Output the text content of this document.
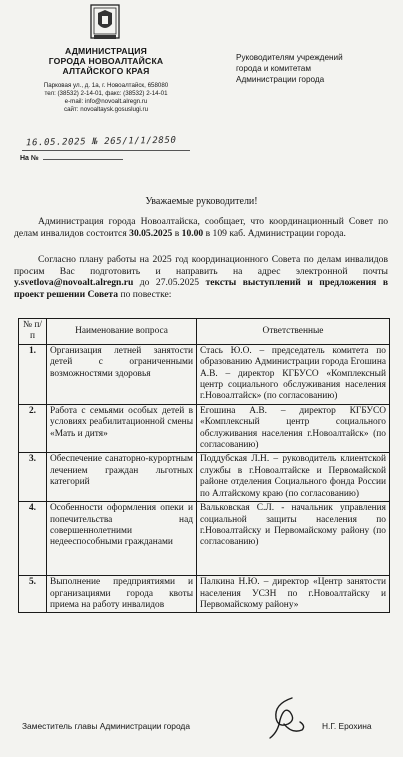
АДМИНИСТРАЦИЯ
ГОРОДА НОВОАЛТАЙСКА
АЛТАЙСКОГО КРАЯ
Парковая ул., д. 1а, г. Новоалтайск, 658080
тел: (38532) 2-14-01, факс: (38532) 2-14-01
e-mail: info@novoalt.alregn.ru
сайт: novoaltaysk.gosuslugi.ru
Руководителям учреждений
города и комитетам
Администрации города
16.05.2025 № 265/1/1/2850
На №
Уважаемые руководители!
Администрация города Новоалтайска, сообщает, что координационный Совет по делам инвалидов состоится 30.05.2025 в 10.00 в 109 каб. Администрации города.
Согласно плану работы на 2025 год координационного Совета по делам инвалидов просим Вас подготовить и направить на адрес электронной почты y.svetlova@novoalt.alregn.ru до 27.05.2025 тексты выступлений и предложения в проект решении Совета по повестке:
№ п/п	Наименование вопроса	Ответственные
1.	Организация летней занятости детей с ограниченными возможностями здоровья	Стась Ю.О. – председатель комитета по образованию Администрации города Егошина А.В. – директор КГБУСО «Комплексный центр социального обслуживания населения г.Новоалтайск» (по согласованию)
2.	Работа с семьями особых детей в условиях реабилитационной смены «Мать и дитя»	Егошина А.В. – директор КГБУСО «Комплексный центр социального обслуживания населения г.Новоалтайск» (по согласованию)
3.	Обеспечение санаторно-курортным лечением граждан льготных категорий	Поддубская Л.Н. – руководитель клиентской службы в г.Новоалтайске и Первомайской районе отделения Социального фонда России по Алтайскому краю (по согласованию)
4.	Особенности оформления опеки и попечительства над совершеннолетними недееспособными гражданами	Вальковская С.Л. - начальник управления социальной защиты населения по г.Новоалтайску и Первомайскому району (по согласованию)
5.	Выполнение предприятиями и организациями города квоты приема на работу инвалидов	Палкина Н.Ю. – директор «Центр занятости населения УСЗН по г.Новоалтайску и Первомайскому району»
Заместитель главы Администрации города	Н.Г. Ерохина
